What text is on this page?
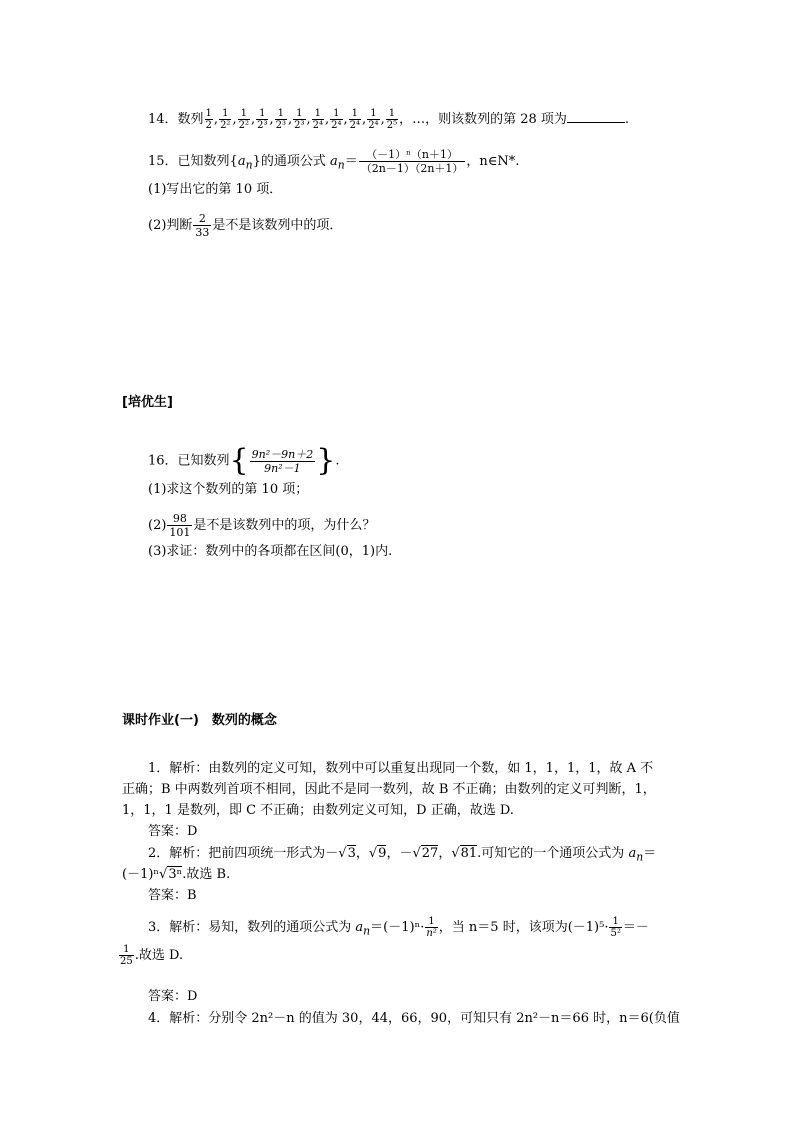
14．数列 $\frac{1}{2}$ , $\frac{1}{\text{2²}}$ , $\frac{1}{\text{2²}}$ , $\frac{1}{\text{2³}}$ , $\frac{1}{\text{2³}}$ , $\frac{1}{\text{2³}}$ , $\frac{1}{\text{2⁴}}$ , $\frac{1}{\text{2⁴}}$ , $\frac{1}{\text{2⁴}}$ , $\frac{1}{\text{2⁴}}$ , $\frac{1}{\text{2⁵}}$ ，…，则该数列的第 28 项为	.
15．已知数列$\{a_n\}$的通项公式 $a_n= \frac{\text{（－1）ⁿ（n＋1）}}{(2n-1)(2n+1)}$ ，n∈N*.
(1)写出它的第 10 项．
(2)判断 $\frac{2}{33}$ 是不是该数列中的项．
[培优生]
16．已知数列{ $\frac{\text{9n²－9n＋2}}{\text{9n²－1}}$ }.
(1)求这个数列的第 10 项；
$(2) \frac{98}{101}$ 是不是该数列中的项，为什么？
(3)求证：数列中的各项都在区间(0，1)内.
课时作业(一)　数列的概念
1．解析：由数列的定义可知，数列中可以重复出现同一个数，如 1，1，1，1，故 A 不
正确；B 中两数列首项不相同，因此不是同一数列，故 B 不正确；由数列的定义可判断，1，
1，1，1 是数列，即 C 不正确；由数列定义可知，D 正确，故选 D.
答案：D
2．解析：把前四项统一形式为－√3，√9，－√27，√81.可知它的一个通项公式为 $a_n=$
(－1)ⁿ√3ⁿ.故选 B.
答案：B
3．解析：易知，数列的通项公式为 $a_n=(-1)^n\cdot \frac{1}{\text{n²}}$ ，当 n＝5 时，该项为$(-1)^5\cdot \frac{1}{\text{5²}}$ ＝－
$\frac{1}{25}$ .故选 D.
答案：D
4．解析：分别令 2n²－n 的值为 30，44，66，90，可知只有 2n²－n＝66 时，n＝6(负值
